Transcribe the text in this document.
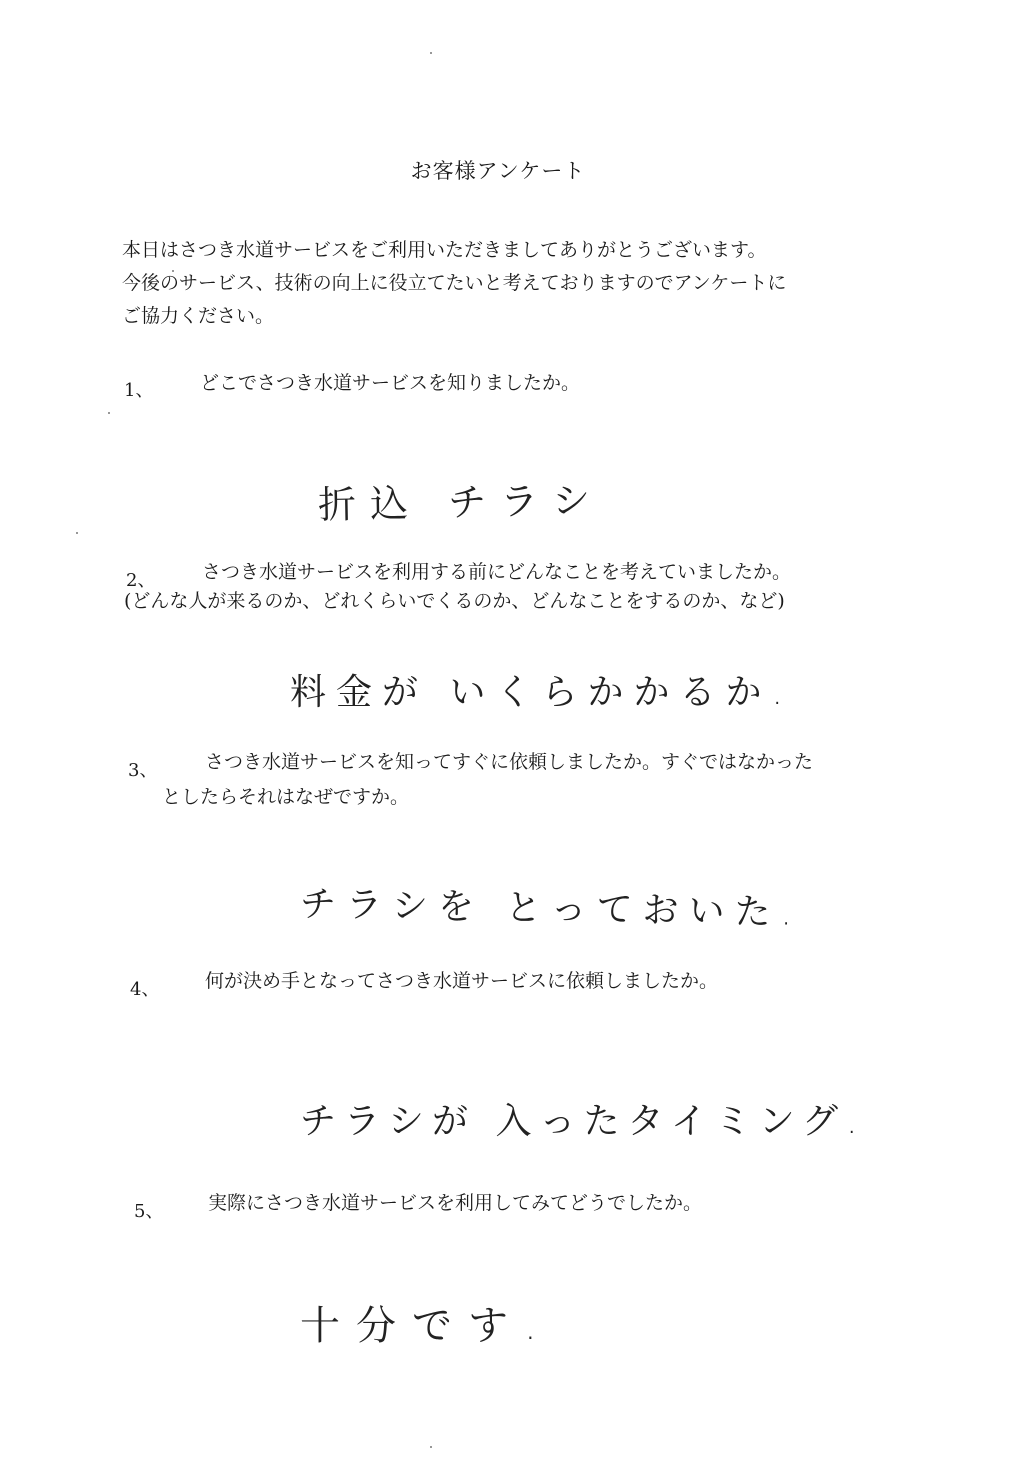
お客様アンケート
本日はさつき水道サービスをご利用いただきましてありがとうございます。
今後のサービス、技術の向上に役立てたいと考えておりますのでアンケートに
ご協力ください。
1、 どこでさつき水道サービスを知りましたか。
折込 チラシ
2、 さつき水道サービスを利用する前にどんなことを考えていましたか。
(どんな人が来るのか、どれくらいでくるのか、どんなことをするのか、など)
料金が いくらかかるか.
3、	さつき水道サービスを知ってすぐに依頼しましたか。すぐではなかった
としたらそれはなぜですか。
チラシを とっておいた.
4、 何が決め手となってさつき水道サービスに依頼しましたか。
チラシが 入ったタイミング.
5、 実際にさつき水道サービスを利用してみてどうでしたか。
十分です.
